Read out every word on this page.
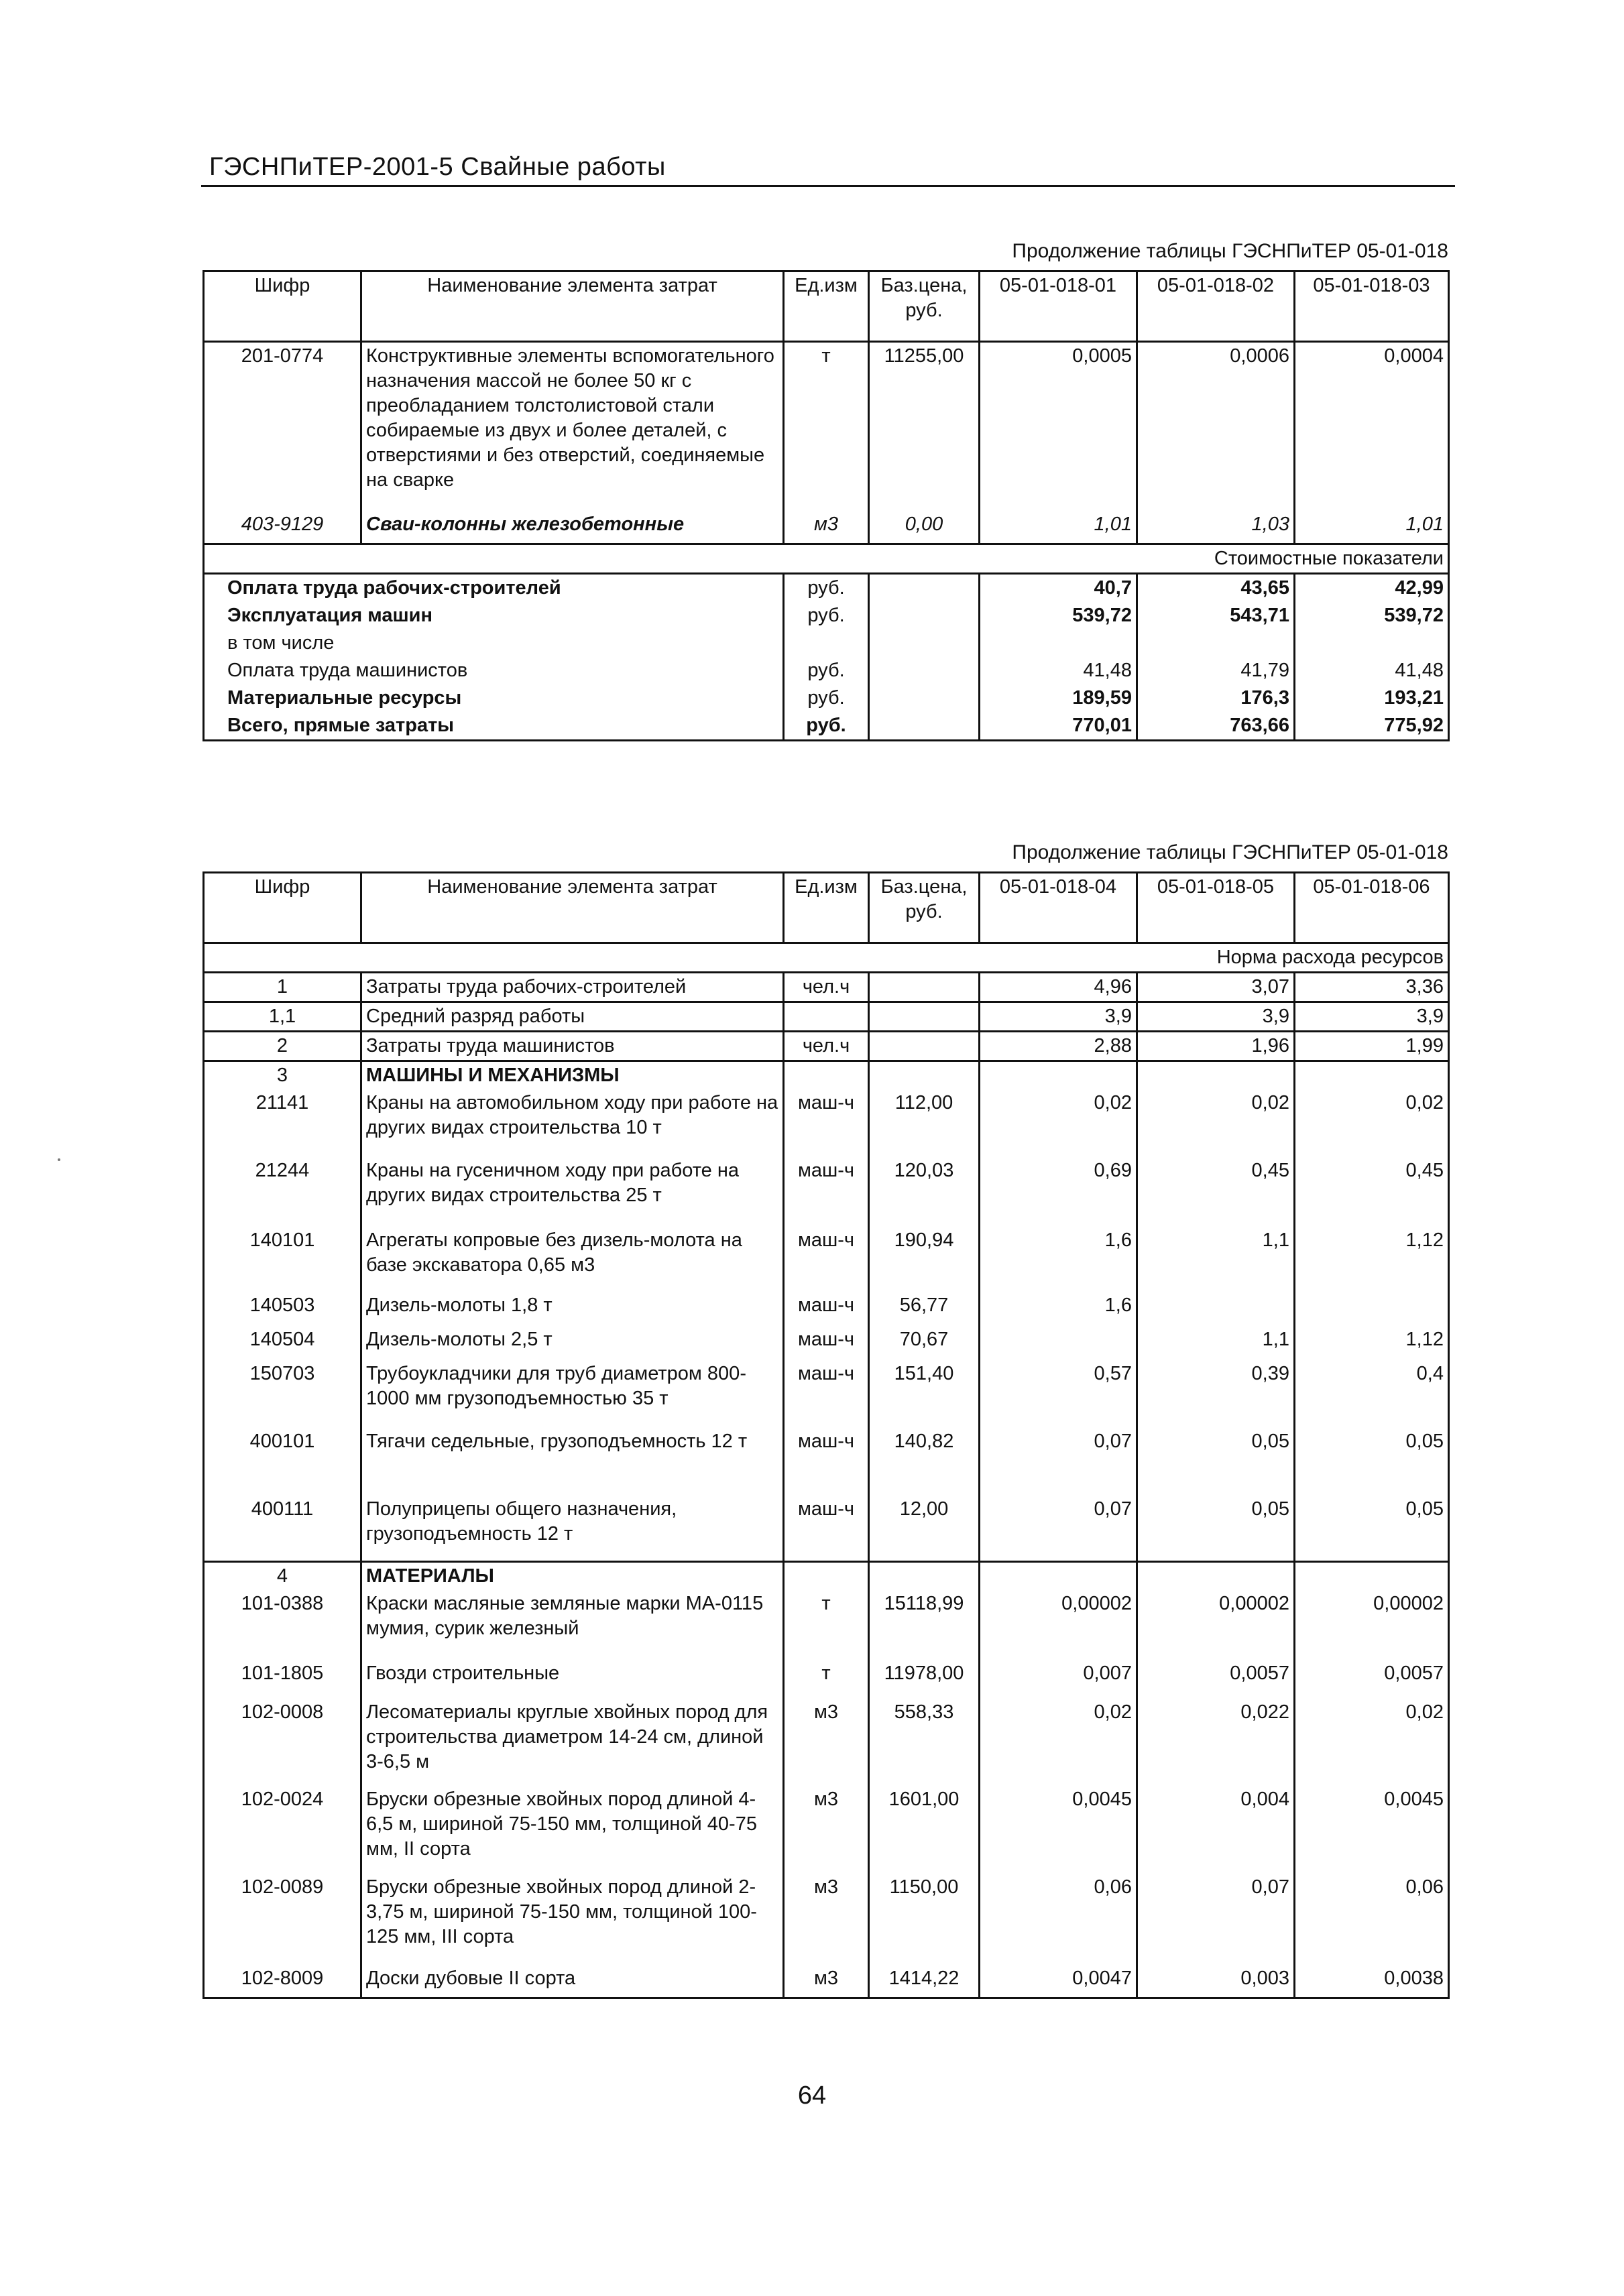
ГЭСНПиТЕР-2001-5 Свайные работы
Продолжение таблицы ГЭСНПиТЕР 05-01-018
Шифр	Наименование элемента затрат	Ед.изм	Баз.цена, руб.	05-01-018-01	05-01-018-02	05-01-018-03
201-0774	Конструктивные элементы вспомогательного назначения массой не более 50 кг с преобладанием толстолистовой стали собираемые из двух и более деталей, с отверстиями и без отверстий, соединяемые на сварке	т	11255,00	0,0005	0,0006	0,0004
403-9129	Сваи-колонны железобетонные	м3	0,00	1,01	1,03	1,01
Стоимостные показатели						
Оплата труда рабочих-строителей		руб.		40,7	43,65	42,99
Эксплуатация машин		руб.		539,72	543,71	539,72
в том числе						
Оплата труда машинистов		руб.		41,48	41,79	41,48
Материальные ресурсы		руб.		189,59	176,3	193,21
Всего, прямые затраты		руб.		770,01	763,66	775,92
Продолжение таблицы ГЭСНПиТЕР 05-01-018
Шифр	Наименование элемента затрат	Ед.изм	Баз.цена, руб.	05-01-018-04	05-01-018-05	05-01-018-06
Норма расхода ресурсов						
1	Затраты труда рабочих-строителей	чел.ч		4,96	3,07	3,36
1,1	Средний разряд работы			3,9	3,9	3,9
2	Затраты труда машинистов	чел.ч		2,88	1,96	1,99
3	МАШИНЫ И МЕХАНИЗМЫ					
21141	Краны на автомобильном ходу при работе на других видах строительства 10 т	маш-ч	112,00	0,02	0,02	0,02
21244	Краны на гусеничном ходу при работе на других видах строительства 25 т	маш-ч	120,03	0,69	0,45	0,45
140101	Агрегаты копровые без дизель-молота на базе экскаватора 0,65 м3	маш-ч	190,94	1,6	1,1	1,12
140503	Дизель-молоты 1,8 т	маш-ч	56,77	1,6		
140504	Дизель-молоты 2,5 т	маш-ч	70,67		1,1	1,12
150703	Трубоукладчики для труб диаметром 800-1000 мм грузоподъемностью 35 т	маш-ч	151,40	0,57	0,39	0,4
400101	Тягачи седельные, грузоподъемность 12 т	маш-ч	140,82	0,07	0,05	0,05
400111	Полуприцепы общего назначения, грузоподъемность 12 т	маш-ч	12,00	0,07	0,05	0,05
4	МАТЕРИАЛЫ					
101-0388	Краски масляные земляные марки МА-0115 мумия, сурик железный	т	15118,99	0,00002	0,00002	0,00002
101-1805	Гвозди строительные	т	11978,00	0,007	0,0057	0,0057
102-0008	Лесоматериалы круглые хвойных пород для строительства диаметром 14-24 см, длиной 3-6,5 м	м3	558,33	0,02	0,022	0,02
102-0024	Бруски обрезные хвойных пород длиной 4-6,5 м, шириной 75-150 мм, толщиной 40-75 мм, II сорта	м3	1601,00	0,0045	0,004	0,0045
102-0089	Бруски обрезные хвойных пород длиной 2-3,75 м, шириной 75-150 мм, толщиной 100-125 мм, III сорта	м3	1150,00	0,06	0,07	0,06
102-8009	Доски дубовые II сорта	м3	1414,22	0,0047	0,003	0,0038
64
